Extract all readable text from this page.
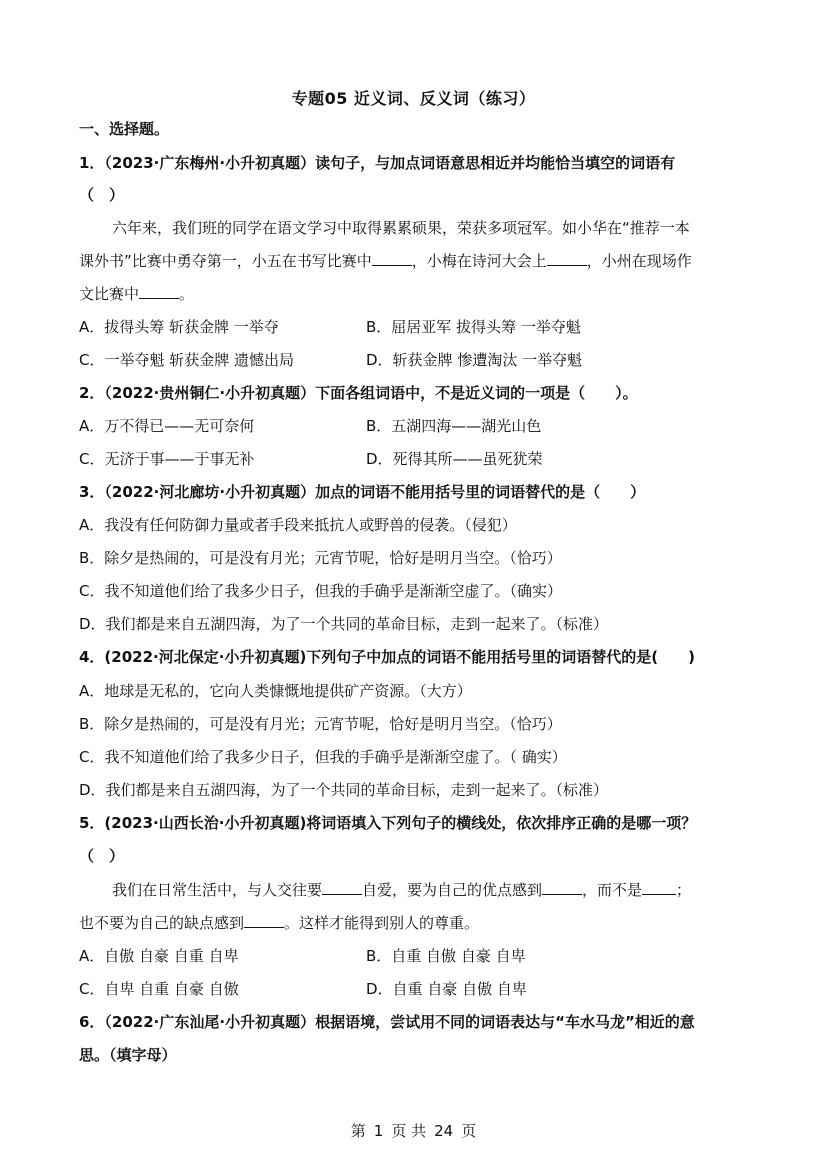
专题05 近义词、反义词（练习）
一、选择题。
1．（2023·广东梅州·小升初真题）读句子，与加点词语意思相近并均能恰当填空的词语有
（　）
六年来，我们班的同学在语文学习中取得累累硕果，荣获多项冠军。如小华在“推荐一本
课外书”比赛中勇夺第一，小五在书写比赛中	，小梅在诗河大会上	，小州在现场作
文比赛中	。
A．拔得头筹 斩获金牌 一举夺	B．屈居亚军 拔得头筹 一举夺魁
C．一举夺魁 斩获金牌 遗憾出局	D．斩获金牌 惨遭淘汰 一举夺魁
2．（2022·贵州铜仁·小升初真题）下面各组词语中，不是近义词的一项是（　　）。
A．万不得已——无可奈何	B．五湖四海——湖光山色
C．无济于事——于事无补	D．死得其所——虽死犹荣
3．（2022·河北廊坊·小升初真题）加点的词语不能用括号里的词语替代的是（　　）
A．我没有任何防御力量或者手段来抵抗人或野兽的侵袭。（侵犯）
B．除夕是热闹的，可是没有月光；元宵节呢，恰好是明月当空。（恰巧）
C．我不知道他们给了我多少日子，但我的手确乎是渐渐空虚了。（确实）
D．我们都是来自五湖四海，为了一个共同的革命目标，走到一起来了。（标准）
4．(2022·河北保定·小升初真题)下列句子中加点的词语不能用括号里的词语替代的是(　　)
A．地球是无私的，它向人类慷慨地提供矿产资源。（大方）
B．除夕是热闹的，可是没有月光；元宵节呢，恰好是明月当空。（恰巧）
C．我不知道他们给了我多少日子，但我的手确乎是渐渐空虚了。（ 确实）
D．我们都是来自五湖四海，为了一个共同的革命目标，走到一起来了。（标准）
5．(2023·山西长治·小升初真题)将词语填入下列句子的横线处，依次排序正确的是哪一项？
（　）
我们在日常生活中，与人交往要	自爱，要为自己的优点感到	，而不是 ；
也不要为自己的缺点感到	。这样才能得到别人的尊重。
A．自傲 自豪 自重 自卑	B．自重 自傲 自豪 自卑
C．自卑 自重 自豪 自傲	D．自重 自豪 自傲 自卑
6．（2022·广东汕尾·小升初真题）根据语境，尝试用不同的词语表达与“车水马龙”相近的意
思。（填字母）
第 1 页 共 24 页
